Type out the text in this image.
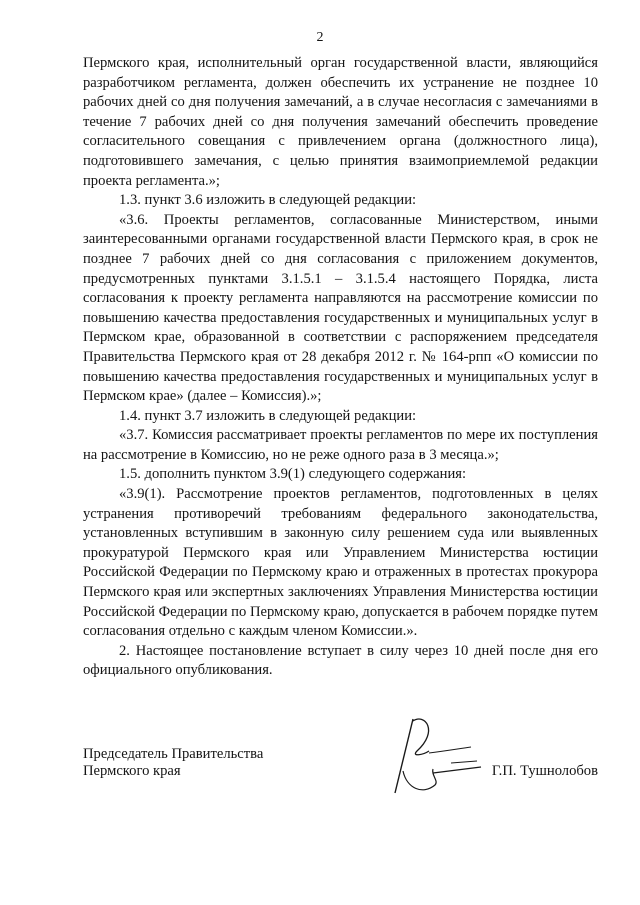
2

Пермского края, исполнительный орган государственной власти, являющийся разработчиком регламента, должен обеспечить их устранение не позднее 10 рабочих дней со дня получения замечаний, а в случае несогласия с замечаниями в течение 7 рабочих дней со дня получения замечаний обеспечить проведение согласительного совещания с привлечением органа (должностного лица), подготовившего замечания, с целью принятия взаимоприемлемой редакции проекта регламента.»;

1.3. пункт 3.6 изложить в следующей редакции:

«3.6. Проекты регламентов, согласованные Министерством, иными заинтересованными органами государственной власти Пермского края, в срок не позднее 7 рабочих дней со дня согласования с приложением документов, предусмотренных пунктами 3.1.5.1 – 3.1.5.4 настоящего Порядка, листа согласования к проекту регламента направляются на рассмотрение комиссии по повышению качества предоставления государственных и муниципальных услуг в Пермском крае, образованной в соответствии с распоряжением председателя Правительства Пермского края от 28 декабря 2012 г. № 164-рпп «О комиссии по повышению качества предоставления государственных и муниципальных услуг в Пермском крае» (далее – Комиссия).»;

1.4. пункт 3.7 изложить в следующей редакции:

«3.7. Комиссия рассматривает проекты регламентов по мере их поступления на рассмотрение в Комиссию, но не реже одного раза в 3 месяца.»;

1.5. дополнить пунктом 3.9(1) следующего содержания:

«3.9(1). Рассмотрение проектов регламентов, подготовленных в целях устранения противоречий требованиям федерального законодательства, установленных вступившим в законную силу решением суда или выявленных прокуратурой Пермского края или Управлением Министерства юстиции Российской Федерации по Пермскому краю и отраженных в протестах прокурора Пермского края или экспертных заключениях Управления Министерства юстиции Российской Федерации по Пермскому краю, допускается в рабочем порядке путем согласования отдельно с каждым членом Комиссии.».

2. Настоящее постановление вступает в силу через 10 дней после дня его официального опубликования.

Председатель Правительства
Пермского края	Г.П. Тушнолобов
